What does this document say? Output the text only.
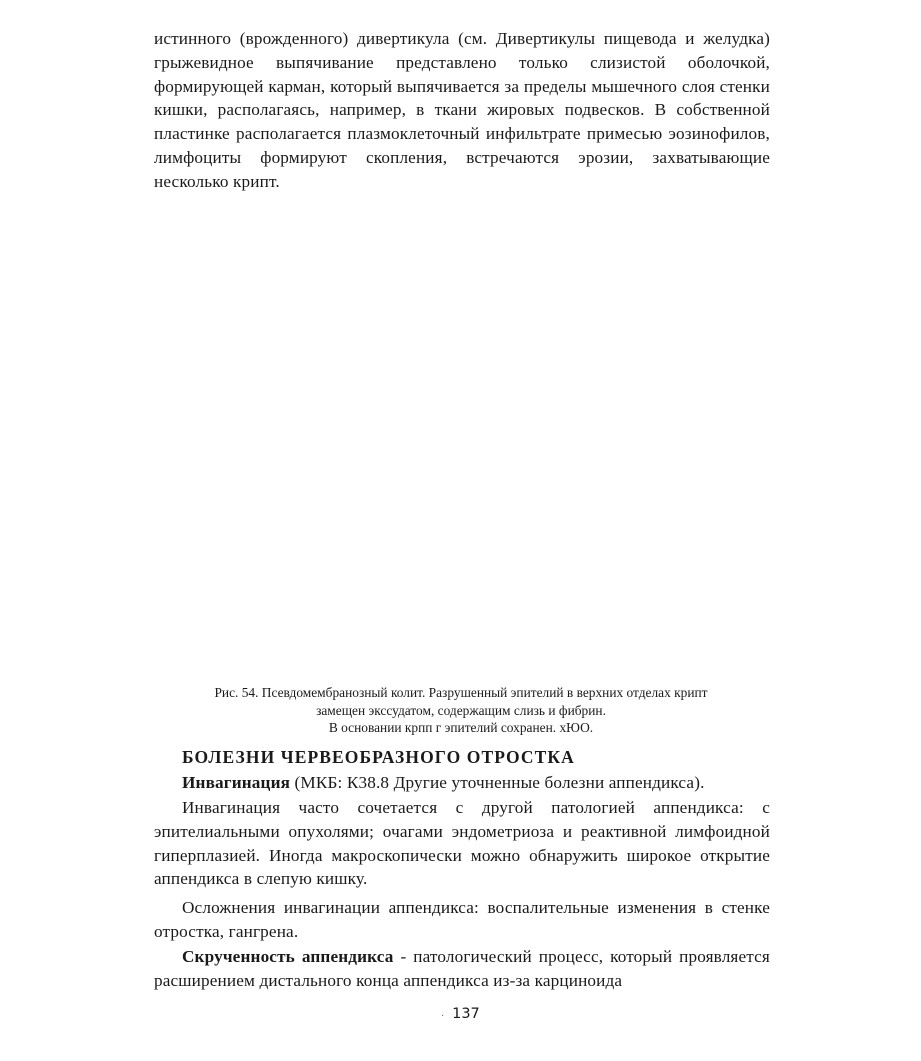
истинного (врожденного) дивертикула (см. Дивертикулы пищевода и желудка) грыжевидное выпячивание представлено только слизистой оболочкой, формирующей карман, который выпячивается за пределы мышечного слоя стенки кишки, располагаясь, например, в ткани жировых подвесков. В собственной пластинке располагается плазмоклеточный инфильтрате примесью эозинофилов, лимфоциты формируют скопления, встречаются эрозии, захватывающие несколько крипт.
Рис. 54. Псевдомембранозный колит. Разрушенный эпителий в верхних отделах крипт
замещен экссудатом, содержащим слизь и фибрин.
В основании крпп г эпителий сохранен. хЮО.
БОЛЕЗНИ ЧЕРВЕОБРАЗНОГО ОТРОСТКА
Инвагинация (МКБ: К38.8 Другие уточненные болезни аппендикса).
Инвагинация часто сочетается с другой патологией аппендикса: с эпителиальными опухолями; очагами эндометриоза и реактивной лимфоидной гиперплазией. Иногда макроскопически можно обнаружить широкое открытие аппендикса в слепую кишку.
Осложнения инвагинации аппендикса: воспалительные изменения в стенке отростка, гангрена.
Скрученность аппендикса - патологический процесс, который проявляется расширением дистального конца аппендикса из-за карциноида
. 137
